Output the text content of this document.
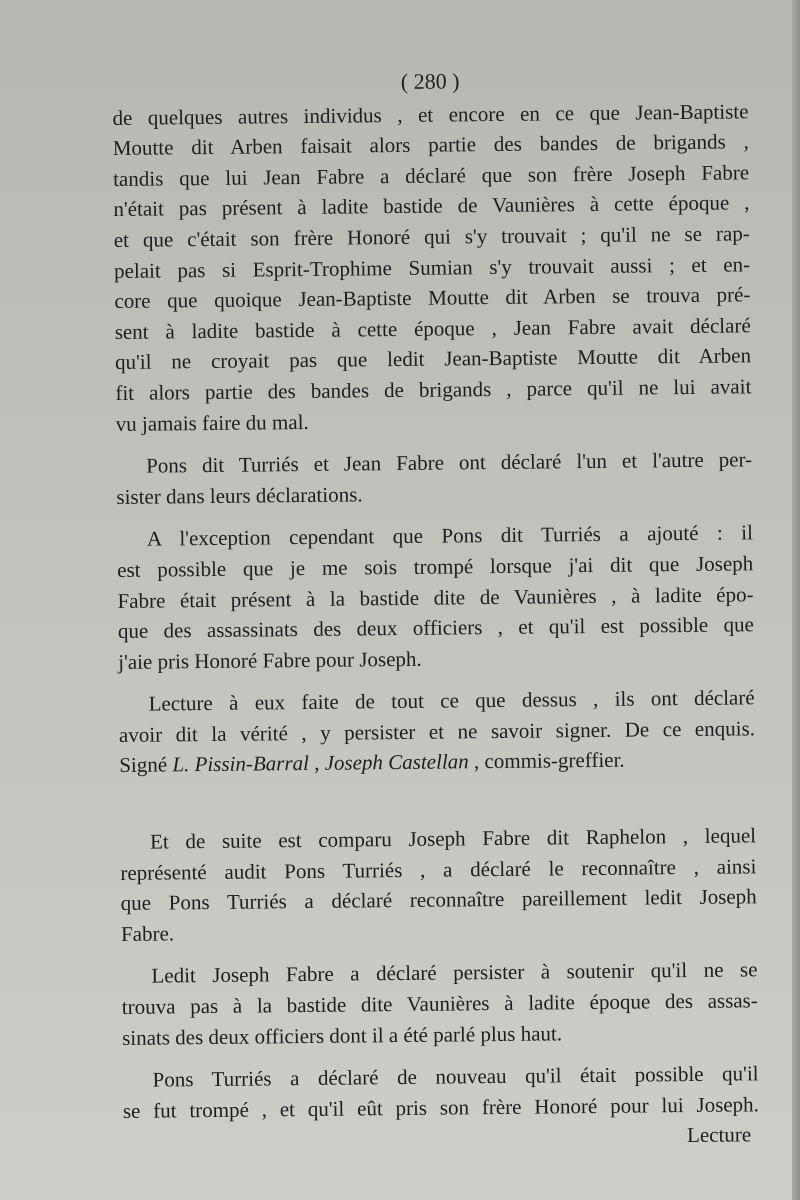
( 280 )
de quelques autres individus , et encore en ce que Jean-Baptiste
Moutte dit Arben faisait alors partie des bandes de brigands ,
tandis que lui Jean Fabre a déclaré que son frère Joseph Fabre
n'était pas présent à ladite bastide de Vaunières à cette époque ,
et que c'était son frère Honoré qui s'y trouvait ; qu'il ne se rap-
pelait pas si Esprit-Trophime Sumian s'y trouvait aussi ; et en-
core que quoique Jean-Baptiste Moutte dit Arben se trouva pré-
sent à ladite bastide à cette époque , Jean Fabre avait déclaré
qu'il ne croyait pas que ledit Jean-Baptiste Moutte dit Arben
fit alors partie des bandes de brigands , parce qu'il ne lui avait
vu jamais faire du mal.
Pons dit Turriés et Jean Fabre ont déclaré l'un et l'autre per-
sister dans leurs déclarations.
A l'exception cependant que Pons dit Turriés a ajouté : il
est possible que je me sois trompé lorsque j'ai dit que Joseph
Fabre était présent à la bastide dite de Vaunières , à ladite épo-
que des assassinats des deux officiers , et qu'il est possible que
j'aie pris Honoré Fabre pour Joseph.
Lecture à eux faite de tout ce que dessus , ils ont déclaré
avoir dit la vérité , y persister et ne savoir signer. De ce enquis.
Signé L. Pissin-Barral , Joseph Castellan , commis-greffier.
Et de suite est comparu Joseph Fabre dit Raphelon , lequel
représenté audit Pons Turriés , a déclaré le reconnaître , ainsi
que Pons Turriés a déclaré reconnaître pareillement ledit Joseph
Fabre.
Ledit Joseph Fabre a déclaré persister à soutenir qu'il ne se
trouva pas à la bastide dite Vaunières à ladite époque des assas-
sinats des deux officiers dont il a été parlé plus haut.
Pons Turriés a déclaré de nouveau qu'il était possible qu'il
se fut trompé , et qu'il eût pris son frère Honoré pour lui Joseph.
Lecture
